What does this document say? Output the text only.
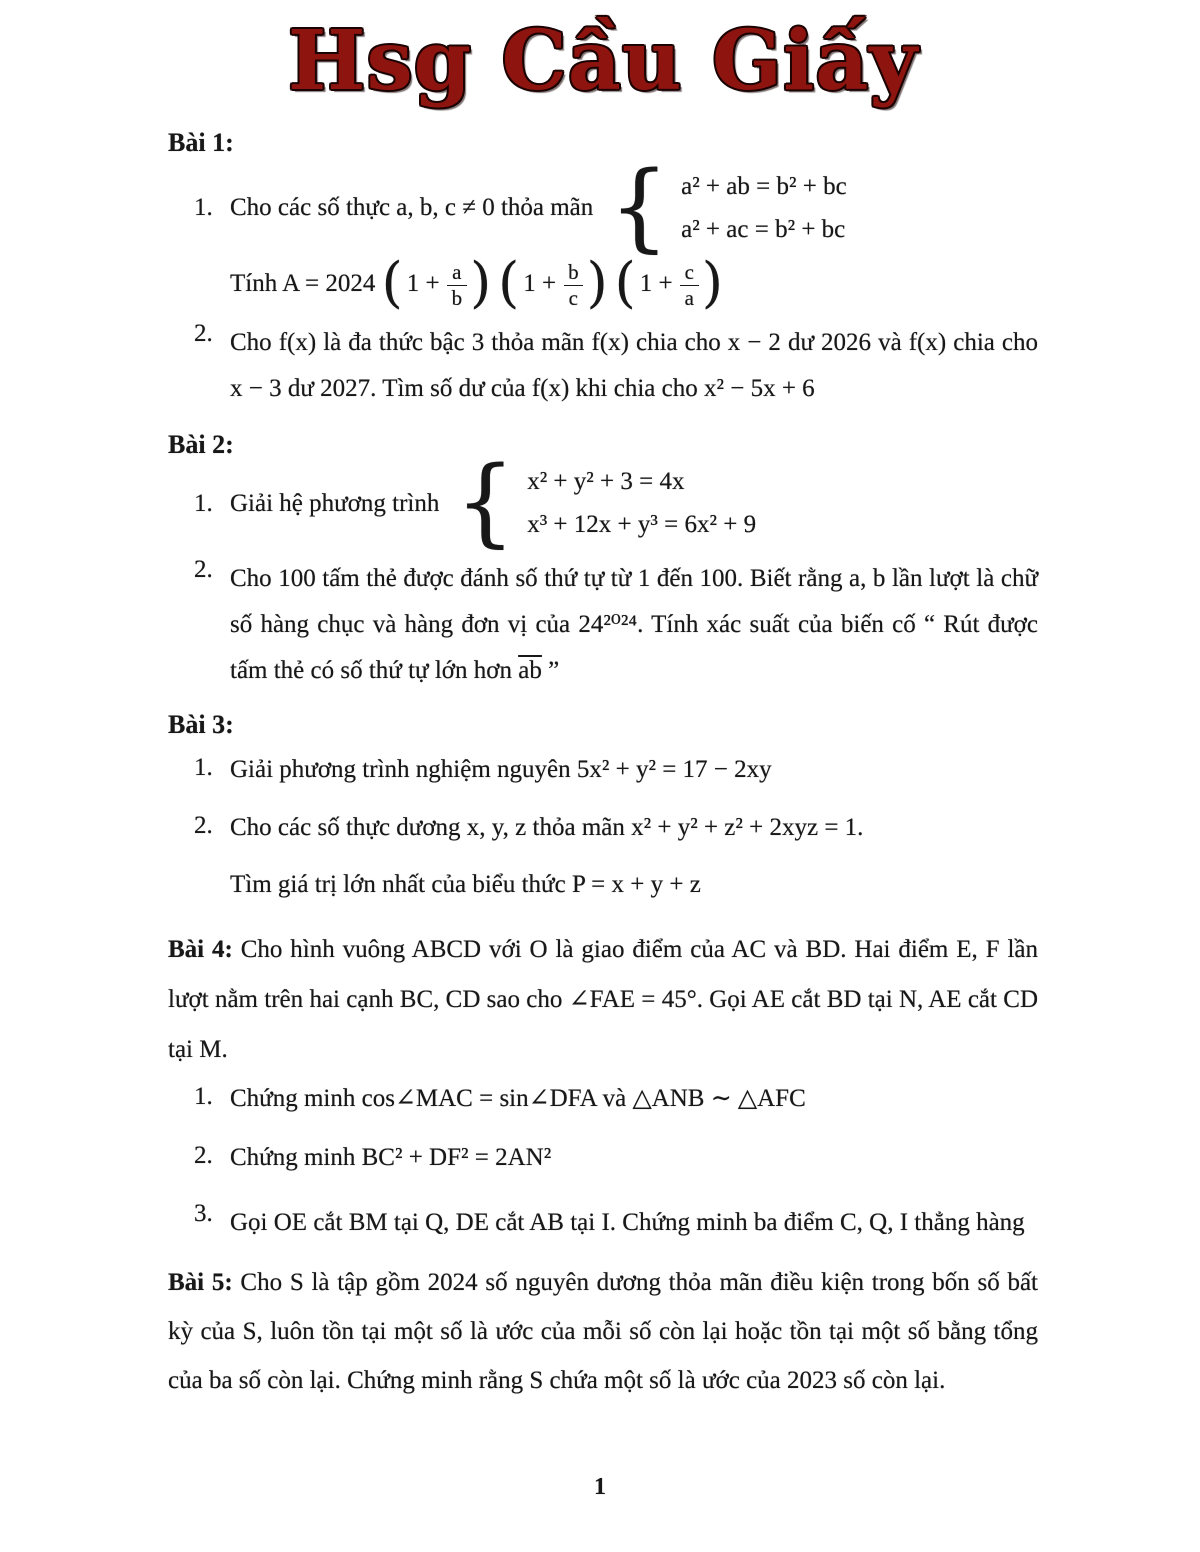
Hsg Cầu Giấy
Bài 1:
1. Cho các số thực a, b, c ≠ 0 thỏa mãn { a² + ab = b² + bc
a² + ac = b² + bc
Tính A = 2024
( $1 + \frac{a}{b}$ ) ( $1 + \frac{b}{c}$ ) ( $1 + \frac{c}{a}$ )
2. Cho f(x) là đa thức bậc 3 thỏa mãn f(x) chia cho x − 2 dư 2026 và f(x) chia cho x − 3 dư 2027. Tìm số dư của f(x) khi chia cho x² − 5x + 6
Bài 2:
1. Giải hệ phương trình { x² + y² + 3 = 4x
x³ + 12x + y³ = 6x² + 9
2. Cho 100 tấm thẻ được đánh số thứ tự từ 1 đến 100. Biết rằng a, b lần lượt là chữ số hàng chục và hàng đơn vị của 24²⁰²⁴. Tính xác suất của biến cố “ Rút được tấm thẻ có số thứ tự lớn hơn $\overline{ab}$ ”
Bài 3:
1. Giải phương trình nghiệm nguyên 5x² + y² = 17 − 2xy
2. Cho các số thực dương x, y, z thỏa mãn x² + y² + z² + 2xyz = 1.
Tìm giá trị lớn nhất của biểu thức P = x + y + z

Bài 4: Cho hình vuông ABCD với O là giao điểm của AC và BD. Hai điểm E, F lần lượt nằm trên hai cạnh BC, CD sao cho ∠FAE = 45°. Gọi AE cắt BD tại N, AE cắt CD tại M.

1. Chứng minh cos∠MAC = sin∠DFA và △ANB ∼ △AFC
2. Chứng minh BC² + DF² = 2AN²
3. Gọi OE cắt BM tại Q, DE cắt AB tại I. Chứng minh ba điểm C, Q, I thẳng hàng

Bài 5: Cho S là tập gồm 2024 số nguyên dương thỏa mãn điều kiện trong bốn số bất kỳ của S, luôn tồn tại một số là ước của mỗi số còn lại hoặc tồn tại một số bằng tổng của ba số còn lại. Chứng minh rằng S chứa một số là ước của 2023 số còn lại.

1
